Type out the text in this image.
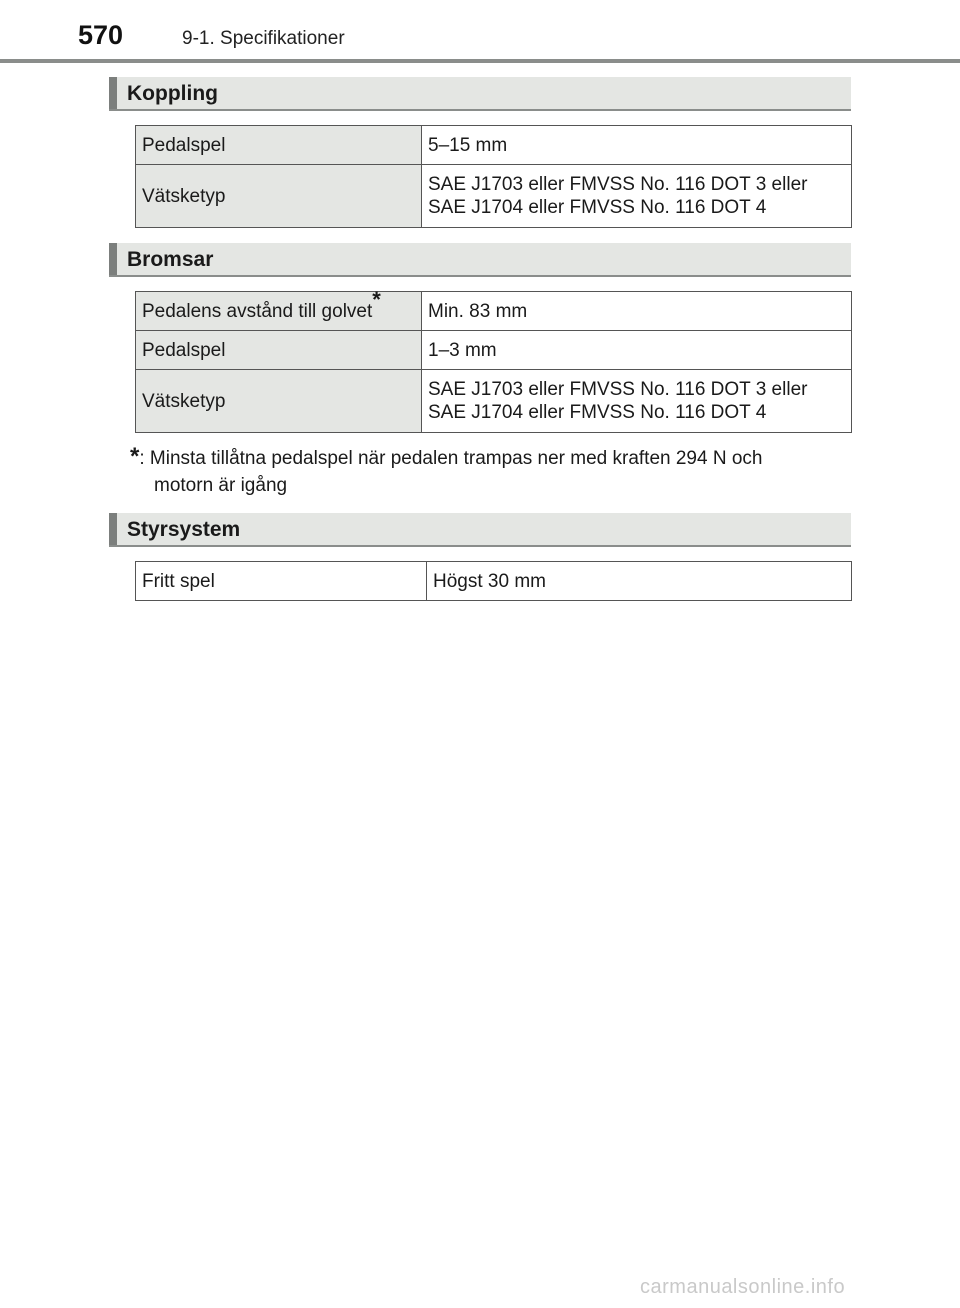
570	9-1. Specifikationer
Koppling
Pedalspel	5–15 mm
Vätsketyp	SAE J1703 eller FMVSS No. 116 DOT 3 eller
SAE J1704 eller FMVSS No. 116 DOT 4
Bromsar
Pedalens avstånd till golvet*	Min. 83 mm
Pedalspel	1–3 mm
Vätsketyp	SAE J1703 eller FMVSS No. 116 DOT 3 eller
SAE J1704 eller FMVSS No. 116 DOT 4
*: Minsta tillåtna pedalspel när pedalen trampas ner med kraften 294 N och
motorn är igång
Styrsystem
Fritt spel	Högst 30 mm
carmanualsonline.info
